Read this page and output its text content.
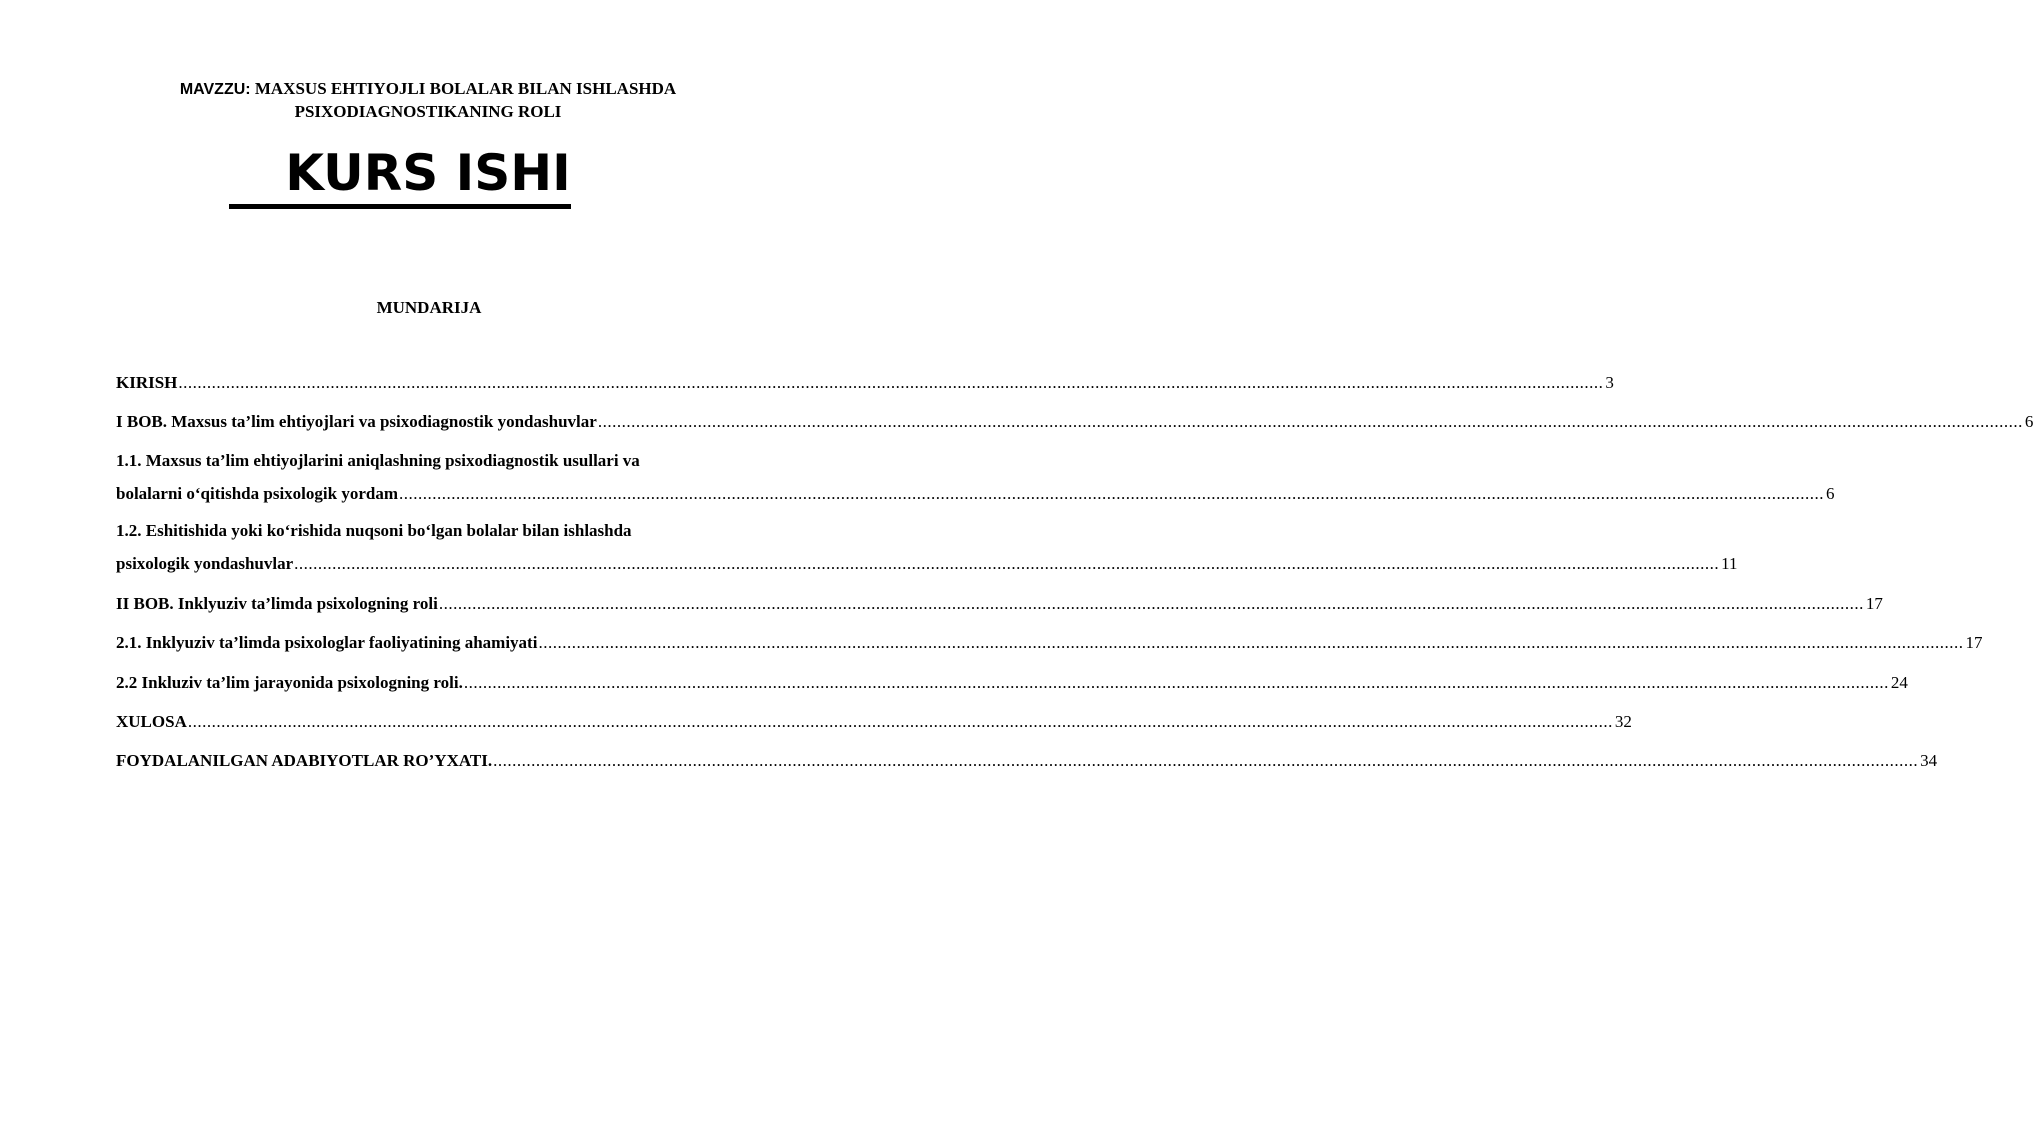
MAVZZU: MAXSUS EHTIYOJLI BOLALAR BILAN ISHLASHDA
PSIXODIAGNOSTIKANING ROLI
KURS ISHI
MUNDARIJA
KIRISH ............................................................................................................................................................................................................................................................................................................ 3
I BOB. Maxsus ta’lim ehtiyojlari va psixodiagnostik yondashuvlar ............................................................................................................................................................................................................................................................................................................ 6
1.1. Maxsus ta’lim ehtiyojlarini aniqlashning psixodiagnostik usullari va
bolalarni o‘qitishda psixologik yordam ............................................................................................................................................................................................................................................................................................................ 6
1.2. Eshitishida yoki ko‘rishida nuqsoni bo‘lgan bolalar bilan ishlashda
psixologik yondashuvlar ............................................................................................................................................................................................................................................................................................................ 11
II BOB. Inklyuziv ta’limda psixologning roli ............................................................................................................................................................................................................................................................................................................ 17
2.1. Inklyuziv ta’limda psixologlar faoliyatining ahamiyati ............................................................................................................................................................................................................................................................................................................ 17
2.2 Inkluziv ta’lim jarayonida psixologning roli. ............................................................................................................................................................................................................................................................................................................ 24
XULOSA ............................................................................................................................................................................................................................................................................................................ 32
FOYDALANILGAN ADABIYOTLAR RO’YXATI. ............................................................................................................................................................................................................................................................................................................ 34
